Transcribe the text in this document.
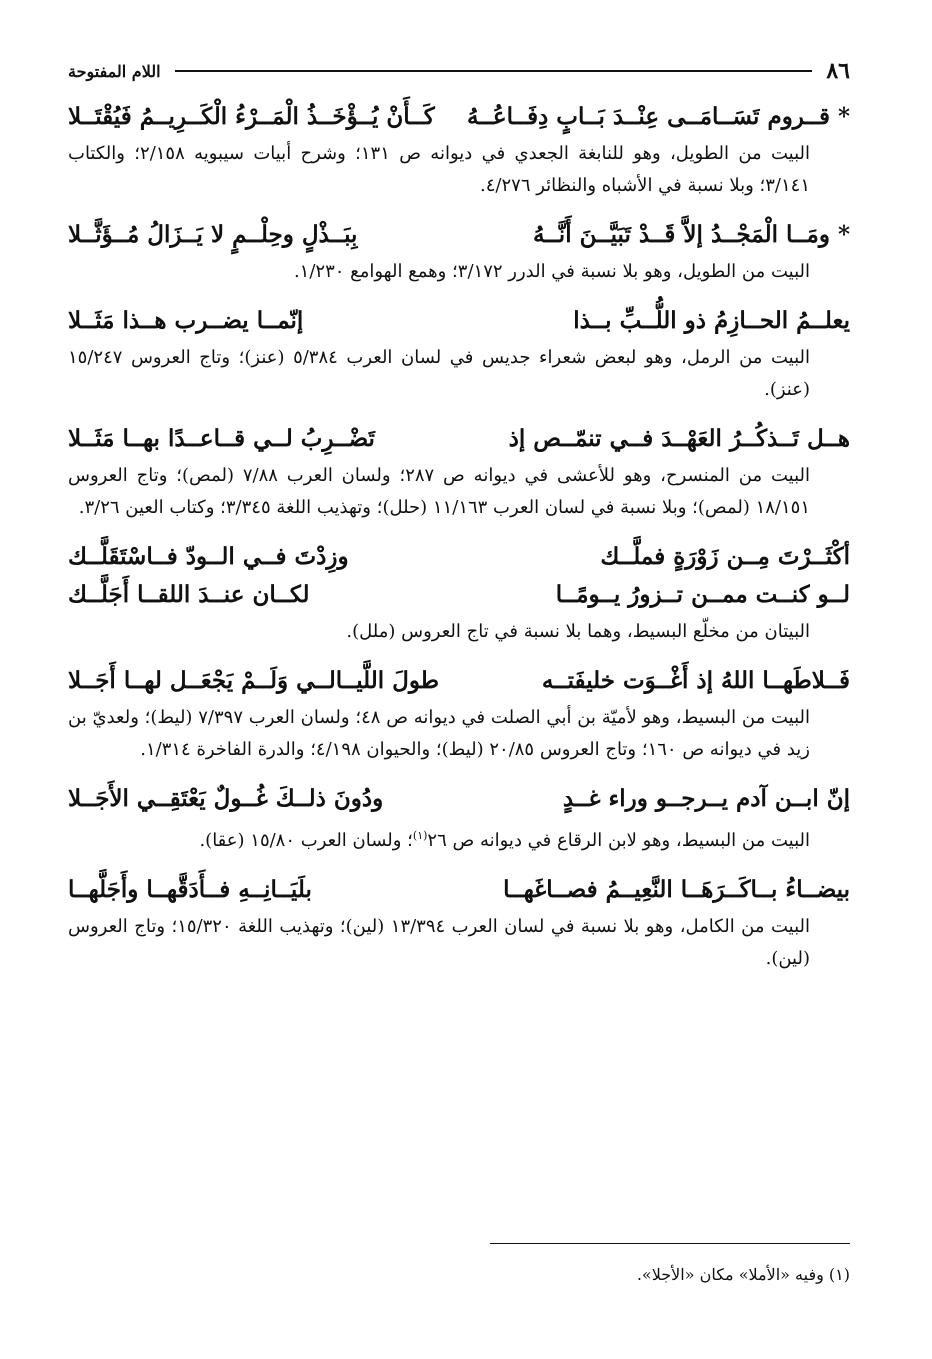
٨٦
اللام المفتوحة
* قــروم تَسَــامَــى عِنْــدَ بَــابٍ دِفَــاعُــهُ
كَــأَنْ يُــؤْخَــذُ الْمَــرْءُ الْكَــرِيــمُ فَيُقْتَــلا
البيت من الطويل، وهو للنابغة الجعدي في ديوانه ص ١٣١؛ وشرح أبيات سيبويه ٢/١٥٨؛ والكتاب ٣/١٤١؛ وبلا نسبة في الأشباه والنظائر ٤/٢٧٦.
* ومَــا الْمَجْــدُ إلاَّ قَــدْ تَبَيَّــنَ أَنَّــهُ
بِبَــذْلٍ وحِلْــمٍ لا يَــزَالُ مُــؤَثَّــلا
البيت من الطويل، وهو بلا نسبة في الدرر ٣/١٧٢؛ وهمع الهوامع ١/٢٣٠.
يعلــمُ الحــازِمُ ذو اللُّــبِّ بــذا
إنّمــا يضــرب هــذا مَثَــلا
البيت من الرمل، وهو لبعض شعراء جديس في لسان العرب ٥/٣٨٤ (عنز)؛ وتاج العروس ١٥/٢٤٧ (عنز).
هــل تَــذكُــرُ العَهْــدَ فــي تنمّــص إذ
تَضْــرِبُ لــي قــاعــدًا بهــا مَثَــلا
البيت من المنسرح، وهو للأعشى في ديوانه ص ٢٨٧؛ ولسان العرب ٧/٨٨ (لمص)؛ وتاج العروس ١٨/١٥١ (لمص)؛ وبلا نسبة في لسان العرب ١١/١٦٣ (حلل)؛ وتهذيب اللغة ٣/٣٤٥؛ وكتاب العين ٣/٢٦.
أكْثَــرْتَ مِــن زَوْرَةٍ فملَّــك
وزِدْتَ فــي الــودّ فــاسْتَقَلَّــك
لــو كنــت ممــن تــزورُ يــومًــا
لكــان عنــدَ اللقــا أَجَلَّــك
البيتان من مخلّع البسيط، وهما بلا نسبة في تاج العروس (ملل).
فَــلاطَهــا اللهُ إذ أَغْــوَت خليفَتــه
طولَ اللَّيــالــي وَلَــمْ يَجْعَــل لهــا أَجَــلا
البيت من البسيط، وهو لأميّة بن أبي الصلت في ديوانه ص ٤٨؛ ولسان العرب ٧/٣٩٧ (ليط)؛ ولعديّ بن زيد في ديوانه ص ١٦٠؛ وتاج العروس ٢٠/٨٥ (ليط)؛ والحيوان ٤/١٩٨؛ والدرة الفاخرة ١/٣١٤.
إنّ ابــن آدم يــرجــو وراء غــدٍ
ودُونَ ذلــكَ غُــولٌ يَعْتَقِــي الأَجَــلا
البيت من البسيط، وهو لابن الرقاع في ديوانه ص ٢٦$^{(١)}$؛ ولسان العرب ١٥/٨٠ (عقا).
بيضــاءُ بــاكَــرَهَــا النَّعِيــمُ فصــاغَهــا
بلَيَــانِــهِ فــأَدَقَّهــا وأَجَلَّهــا
البيت من الكامل، وهو بلا نسبة في لسان العرب ١٣/٣٩٤ (لين)؛ وتهذيب اللغة ١٥/٣٢٠؛ وتاج العروس (لين).
(١) وفيه «الأملا» مكان «الأجلا».
